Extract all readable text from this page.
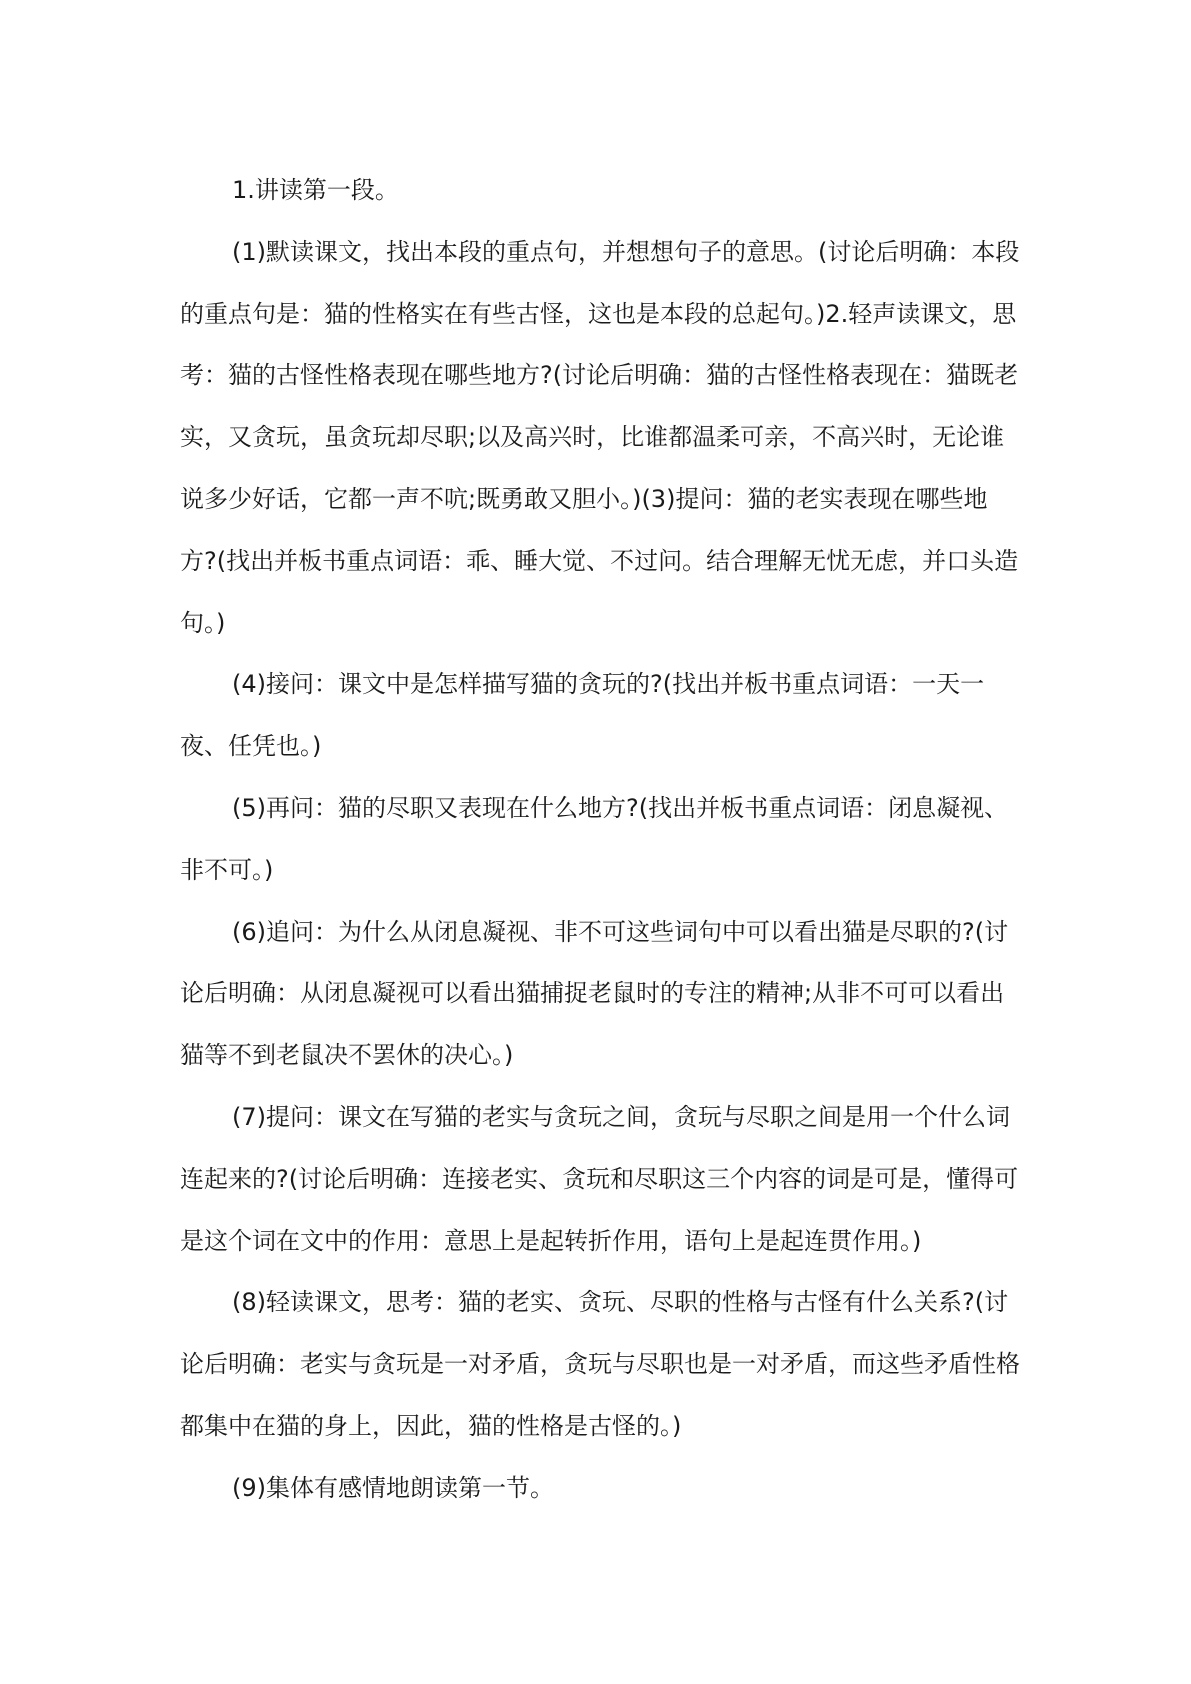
1.讲读第一段。

(1)默读课文，找出本段的重点句，并想想句子的意思。(讨论后明确：本段的重点句是：猫的性格实在有些古怪，这也是本段的总起句。)2.轻声读课文，思考：猫的古怪性格表现在哪些地方?(讨论后明确：猫的古怪性格表现在：猫既老实，又贪玩，虽贪玩却尽职;以及高兴时，比谁都温柔可亲，不高兴时，无论谁说多少好话，它都一声不吭;既勇敢又胆小。)(3)提问：猫的老实表现在哪些地方?(找出并板书重点词语：乖、睡大觉、不过问。结合理解无忧无虑，并口头造句。)

(4)接问：课文中是怎样描写猫的贪玩的?(找出并板书重点词语：一天一夜、任凭也。)

(5)再问：猫的尽职又表现在什么地方?(找出并板书重点词语：闭息凝视、非不可。)

(6)追问：为什么从闭息凝视、非不可这些词句中可以看出猫是尽职的?(讨论后明确：从闭息凝视可以看出猫捕捉老鼠时的专注的精神;从非不可可以看出猫等不到老鼠决不罢休的决心。)

(7)提问：课文在写猫的老实与贪玩之间，贪玩与尽职之间是用一个什么词连起来的?(讨论后明确：连接老实、贪玩和尽职这三个内容的词是可是，懂得可是这个词在文中的作用：意思上是起转折作用，语句上是起连贯作用。)

(8)轻读课文，思考：猫的老实、贪玩、尽职的性格与古怪有什么关系?(讨论后明确：老实与贪玩是一对矛盾，贪玩与尽职也是一对矛盾，而这些矛盾性格都集中在猫的身上，因此，猫的性格是古怪的。)

(9)集体有感情地朗读第一节。
